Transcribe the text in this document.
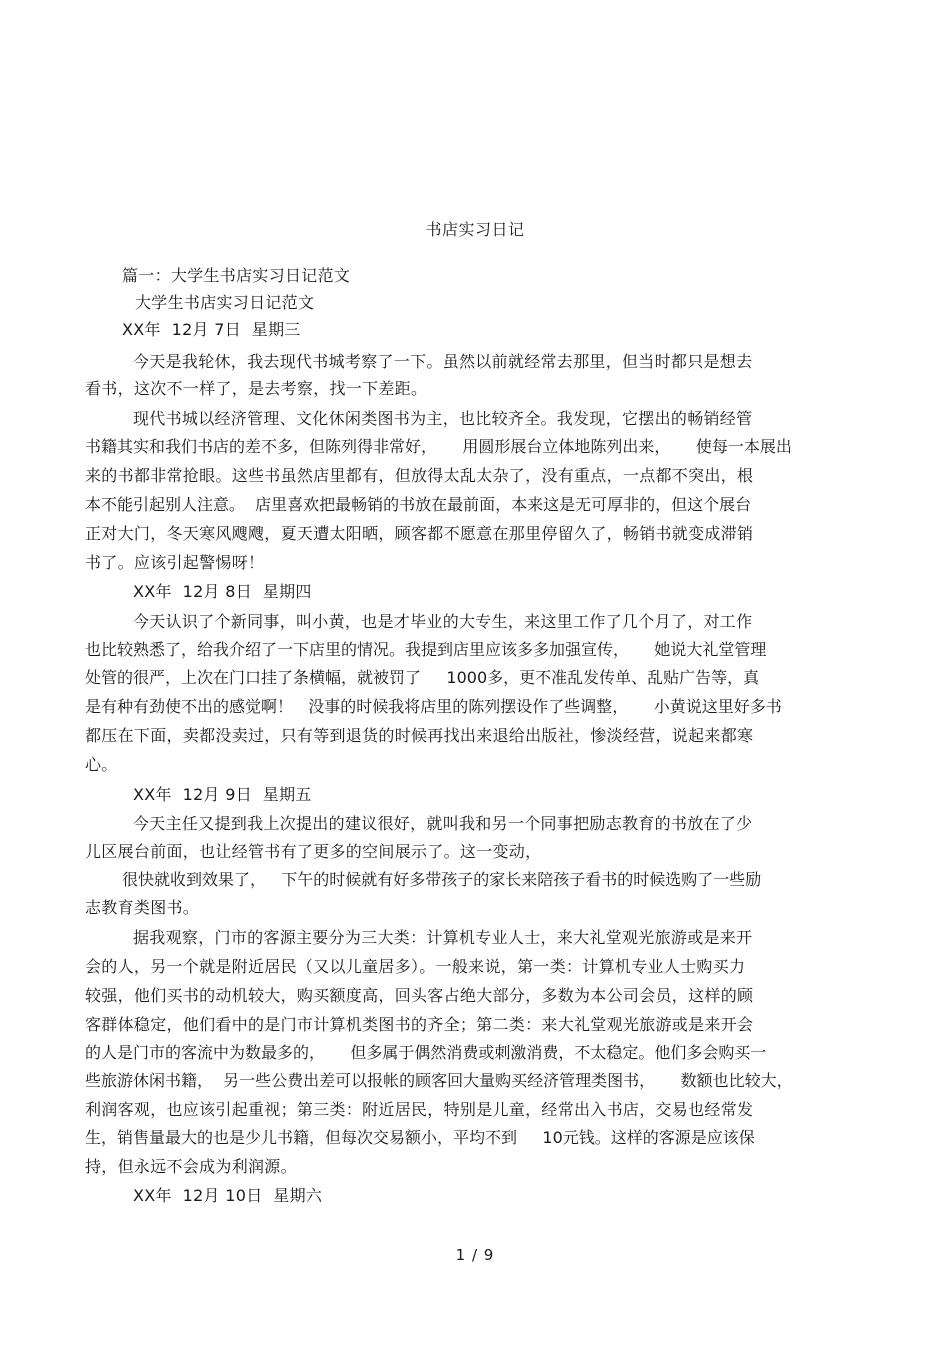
书店实习日记
篇一：大学生书店实习日记范文
大学生书店实习日记范文
XX年  12月 7日  星期三
今天是我轮休，我去现代书城考察了一下。虽然以前就经常去那里，但当时都只是想去
看书，这次不一样了，是去考察，找一下差距。
现代书城以经济管理、文化休闲类图书为主，也比较齐全。我发现，它摆出的畅销经管
书籍其实和我们书店的差不多，但陈列得非常好，     用圆形展台立体地陈列出来，     使每一本展出
来的书都非常抢眼。这些书虽然店里都有，但放得太乱太杂了，没有重点，一点都不突出，根
本不能引起别人注意。  店里喜欢把最畅销的书放在最前面，本来这是无可厚非的，但这个展台
正对大门，冬天寒风飕飕，夏天遭太阳晒，顾客都不愿意在那里停留久了，畅销书就变成滞销
书了。应该引起警惕呀！
XX年  12月 8日  星期四
今天认识了个新同事，叫小黄，也是才毕业的大专生，来这里工作了几个月了，对工作
也比较熟悉了，给我介绍了一下店里的情况。我提到店里应该多多加强宣传，     她说大礼堂管理
处管的很严，上次在门口挂了条横幅，就被罚了     1000多，更不准乱发传单、乱贴广告等，真
是有种有劲使不出的感觉啊！   没事的时候我将店里的陈列摆设作了些调整，     小黄说这里好多书
都压在下面，卖都没卖过，只有等到退货的时候再找出来退给出版社，惨淡经营，说起来都寒
心。
XX年  12月 9日  星期五
今天主任又提到我上次提出的建议很好，就叫我和另一个同事把励志教育的书放在了少
儿区展台前面，也让经管书有了更多的空间展示了。这一变动，
很快就收到效果了，   下午的时候就有好多带孩子的家长来陪孩子看书的时候选购了一些励
志教育类图书。
据我观察，门市的客源主要分为三大类：计算机专业人士，来大礼堂观光旅游或是来开
会的人，另一个就是附近居民（又以儿童居多）。一般来说，第一类：计算机专业人士购买力
较强，他们买书的动机较大，购买额度高，回头客占绝大部分，多数为本公司会员，这样的顾
客群体稳定，他们看中的是门市计算机类图书的齐全；第二类：来大礼堂观光旅游或是来开会
的人是门市的客流中为数最多的，     但多属于偶然消费或刺激消费，不太稳定。他们多会购买一
些旅游休闲书籍，  另一些公费出差可以报帐的顾客回大量购买经济管理类图书，     数额也比较大，
利润客观，也应该引起重视；第三类：附近居民，特别是儿童，经常出入书店，交易也经常发
生，销售量最大的也是少儿书籍，但每次交易额小，平均不到     10元钱。这样的客源是应该保
持，但永远不会成为利润源。
XX年  12月 10日  星期六
1 / 9
